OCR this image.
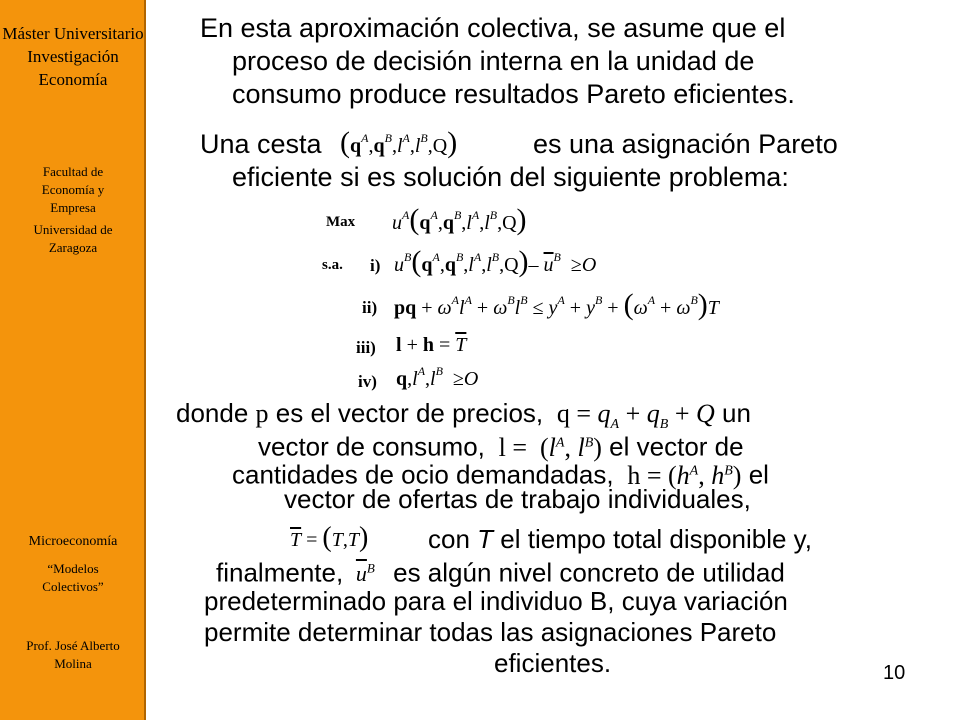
Máster Universitario Investigación Economía
Facultad de Economía y Empresa
Universidad de Zaragoza
Microeconomía
“Modelos Colectivos”
Prof. José Alberto Molina
En esta aproximación colectiva, se asume que el
proceso de decisión interna en la unidad de
consumo produce resultados Pareto eficientes.
Una cesta $(q^A,q^B,l^A,l^B,Q)$	es una asignación Pareto
eficiente si es solución del siguiente problema:
Max $u^A(q^A,q^B,l^A,l^B,Q)$
s.a. i) $u^B(q^A,q^B,l^A,l^B,Q)-$ $\overline{u}^B \ge O$
ii) pq + $\omega^Al^A + \omega^Bl^B \le y^A + y^B + (\omega^A + \omega^B)T$
iii) $l + h = \overline{T}$
iv) $q,l^A,l^B \ge O$
donde p es el vector de precios,  $q = q_A + q_B + Q$ un
vector de consumo,  $l = (l^A$, $l^B$) el vector de
cantidades de ocio demandadas,  $h = (h^A$, $h^B$) el
vector de ofertas de trabajo individuales,
$\overline{T} = (T,T)$ con T el tiempo total disponible y,
finalmente, $\overline{u}^B$ es algún nivel concreto de utilidad
predeterminado para el individuo B, cuya variación
permite determinar todas las asignaciones Pareto
eficientes.	10
